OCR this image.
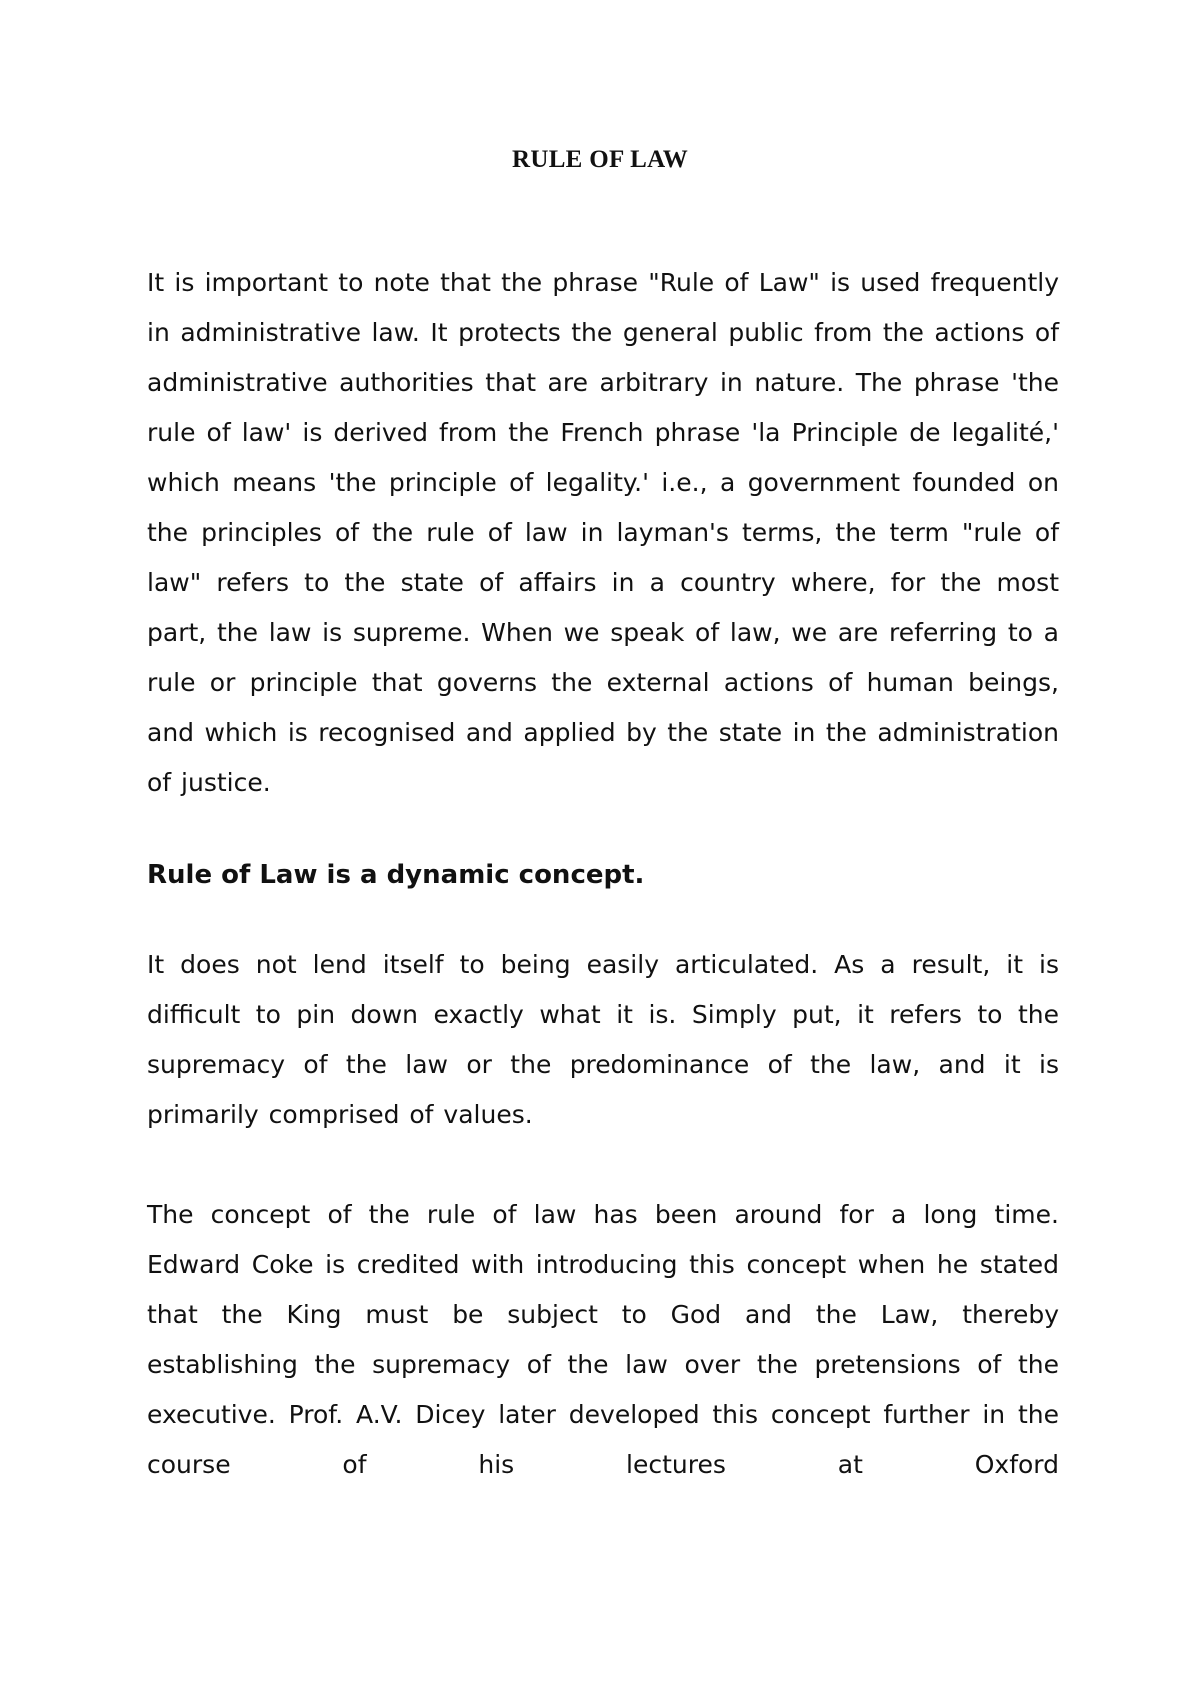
RULE OF LAW

It is important to note that the phrase "Rule of Law" is used frequently in administrative law. It protects the general public from the actions of administrative authorities that are arbitrary in nature. The phrase 'the rule of law' is derived from the French phrase 'la Principle de legalité,' which means 'the principle of legality.' i.e., a government founded on the principles of the rule of law in layman's terms, the term "rule of law" refers to the state of affairs in a country where, for the most part, the law is supreme. When we speak of law, we are referring to a rule or principle that governs the external actions of human beings, and which is recognised and applied by the state in the administration of justice.

Rule of Law is a dynamic concept.

It does not lend itself to being easily articulated. As a result, it is difficult to pin down exactly what it is. Simply put, it refers to the supremacy of the law or the predominance of the law, and it is primarily comprised of values.

The concept of the rule of law has been around for a long time. Edward Coke is credited with introducing this concept when he stated that the King must be subject to God and the Law, thereby establishing the supremacy of the law over the pretensions of the executive. Prof. A.V. Dicey later developed this concept further in the course of his lectures at Oxford
